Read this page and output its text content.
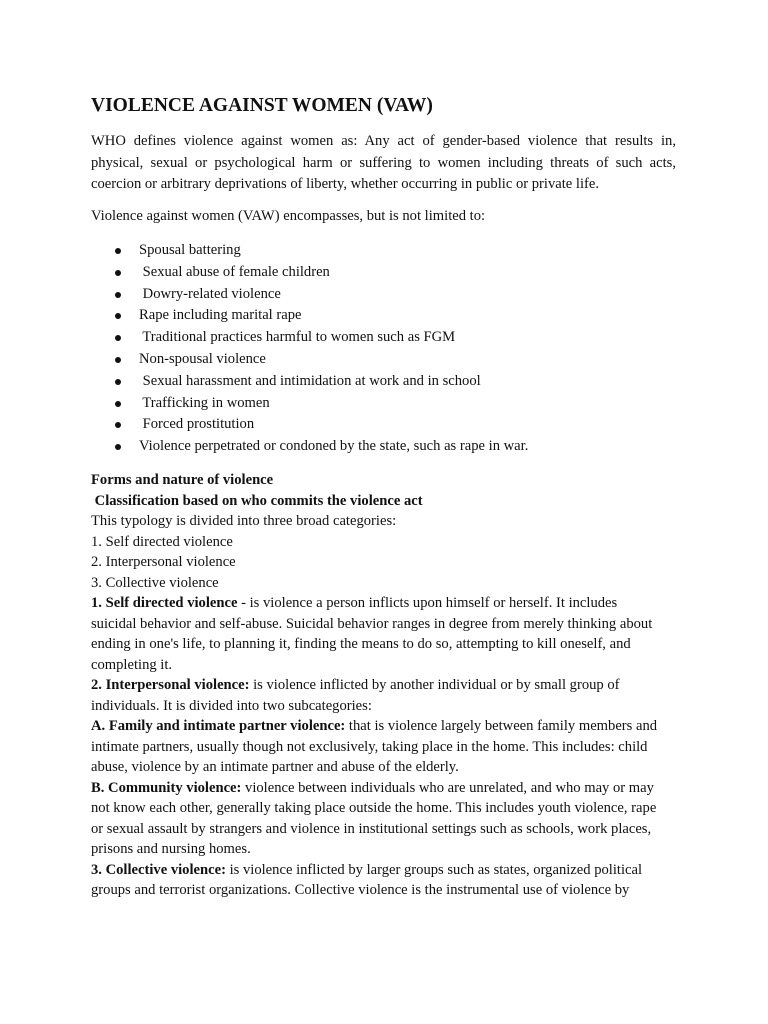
VIOLENCE AGAINST WOMEN (VAW)

WHO defines violence against women as: Any act of gender-based violence that results in, physical, sexual or psychological harm or suffering to women including threats of such acts, coercion or arbitrary deprivations of liberty, whether occurring in public or private life.

Violence against women (VAW) encompasses, but is not limited to:

Spousal battering
Sexual abuse of female children
Dowry-related violence
Rape including marital rape
Traditional practices harmful to women such as FGM
Non-spousal violence
Sexual harassment and intimidation at work and in school
Trafficking in women
Forced prostitution
Violence perpetrated or condoned by the state, such as rape in war.
Forms and nature of violence
Classification based on who commits the violence act
This typology is divided into three broad categories:
1. Self directed violence
2. Interpersonal violence
3. Collective violence
1. Self directed violence - is violence a person inflicts upon himself or herself. It includes
suicidal behavior and self-abuse. Suicidal behavior ranges in degree from merely thinking about
ending in one's life, to planning it, finding the means to do so, attempting to kill oneself, and
completing it.
2. Interpersonal violence: is violence inflicted by another individual or by small group of
individuals. It is divided into two subcategories:
A. Family and intimate partner violence: that is violence largely between family members and
intimate partners, usually though not exclusively, taking place in the home. This includes: child
abuse, violence by an intimate partner and abuse of the elderly.
B. Community violence: violence between individuals who are unrelated, and who may or may
not know each other, generally taking place outside the home. This includes youth violence, rape
or sexual assault by strangers and violence in institutional settings such as schools, work places,
prisons and nursing homes.
3. Collective violence: is violence inflicted by larger groups such as states, organized political
groups and terrorist organizations. Collective violence is the instrumental use of violence by
